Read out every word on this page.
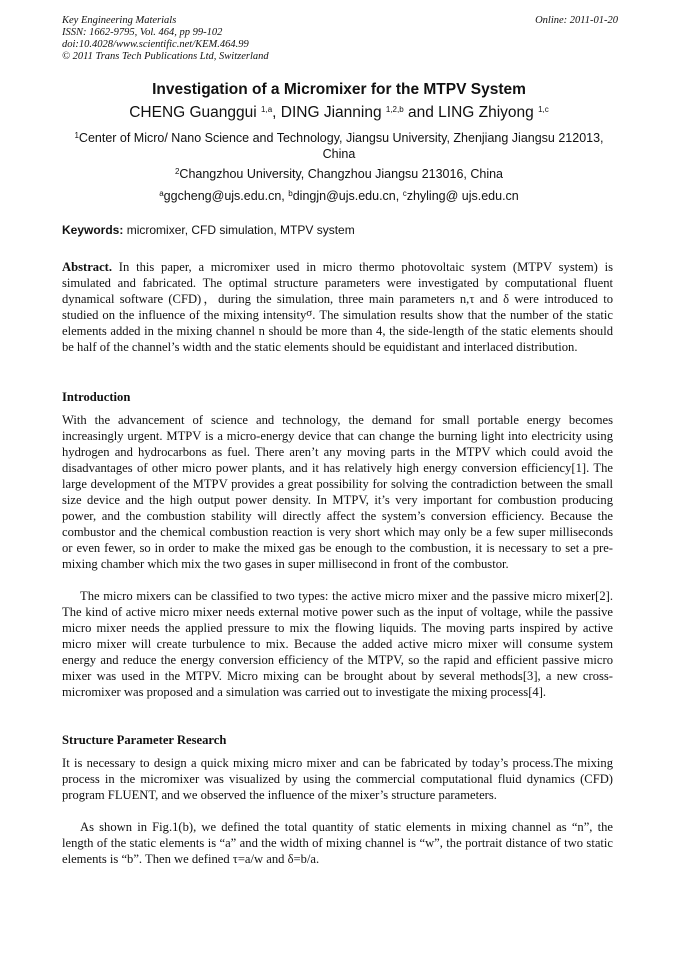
Key Engineering Materials
ISSN: 1662-9795, Vol. 464, pp 99-102
doi:10.4028/www.scientific.net/KEM.464.99
© 2011 Trans Tech Publications Ltd, Switzerland
Online: 2011-01-20
Investigation of a Micromixer for the MTPV System
CHENG Guanggui $^{1,a}$, DING Jianning $^{1,2,b}$ and LING Zhiyong $^{1,c}$
$^1$Center of Micro/ Nano Science and Technology, Jiangsu University, Zhenjiang Jiangsu 212013, China
$^2$Changzhou University, Changzhou Jiangsu 213016, China
$^a$ggcheng@ujs.edu.cn, $^b$dingjn@ujs.edu.cn, $^c$zhyling@ ujs.edu.cn
Keywords: micromixer, CFD simulation, MTPV system
Abstract. In this paper, a micromixer used in micro thermo photovoltaic system (MTPV system) is simulated and fabricated. The optimal structure parameters were investigated by computational fluent dynamical software (CFD)，during the simulation, three main parameters n,τ and δ were introduced to studied on the influence of the mixing intensity$^\sigma$. The simulation results show that the number of the static elements added in the mixing channel n should be more than 4, the side-length of the static elements should be half of the channel’s width and the static elements should be equidistant and interlaced distribution.
Introduction
With the advancement of science and technology, the demand for small portable energy becomes increasingly urgent. MTPV is a micro-energy device that can change the burning light into electricity using hydrogen and hydrocarbons as fuel. There aren’t any moving parts in the MTPV which could avoid the disadvantages of other micro power plants, and it has relatively high energy conversion efficiency[1]. The large development of the MTPV provides a great possibility for solving the contradiction between the small size device and the high output power density. In MTPV, it’s very important for combustion producing power, and the combustion stability will directly affect the system’s conversion efficiency. Because the combustor and the chemical combustion reaction is very short which may only be a few super milliseconds or even fewer, so in order to make the mixed gas be enough to the combustion, it is necessary to set a pre-mixing chamber which mix the two gases in super millisecond in front of the combustor.
The micro mixers can be classified to two types: the active micro mixer and the passive micro mixer[2]. The kind of active micro mixer needs external motive power such as the input of voltage, while the passive micro mixer needs the applied pressure to mix the flowing liquids. The moving parts inspired by active micro mixer will create turbulence to mix. Because the added active micro mixer will consume system energy and reduce the energy conversion efficiency of the MTPV, so the rapid and efficient passive micro mixer was used in the MTPV. Micro mixing can be brought about by several methods[3], a new cross-micromixer was proposed and a simulation was carried out to investigate the mixing process[4].
Structure Parameter Research
It is necessary to design a quick mixing micro mixer and can be fabricated by today’s process.The mixing process in the micromixer was visualized by using the commercial computational fluid dynamics (CFD) program FLUENT, and we observed the influence of the mixer’s structure parameters.
As shown in Fig.1(b), we defined the total quantity of static elements in mixing channel as “n”, the length of the static elements is “a” and the width of mixing channel is “w”, the portrait distance of two static elements is “b”. Then we defined τ=a/w and δ=b/a.
